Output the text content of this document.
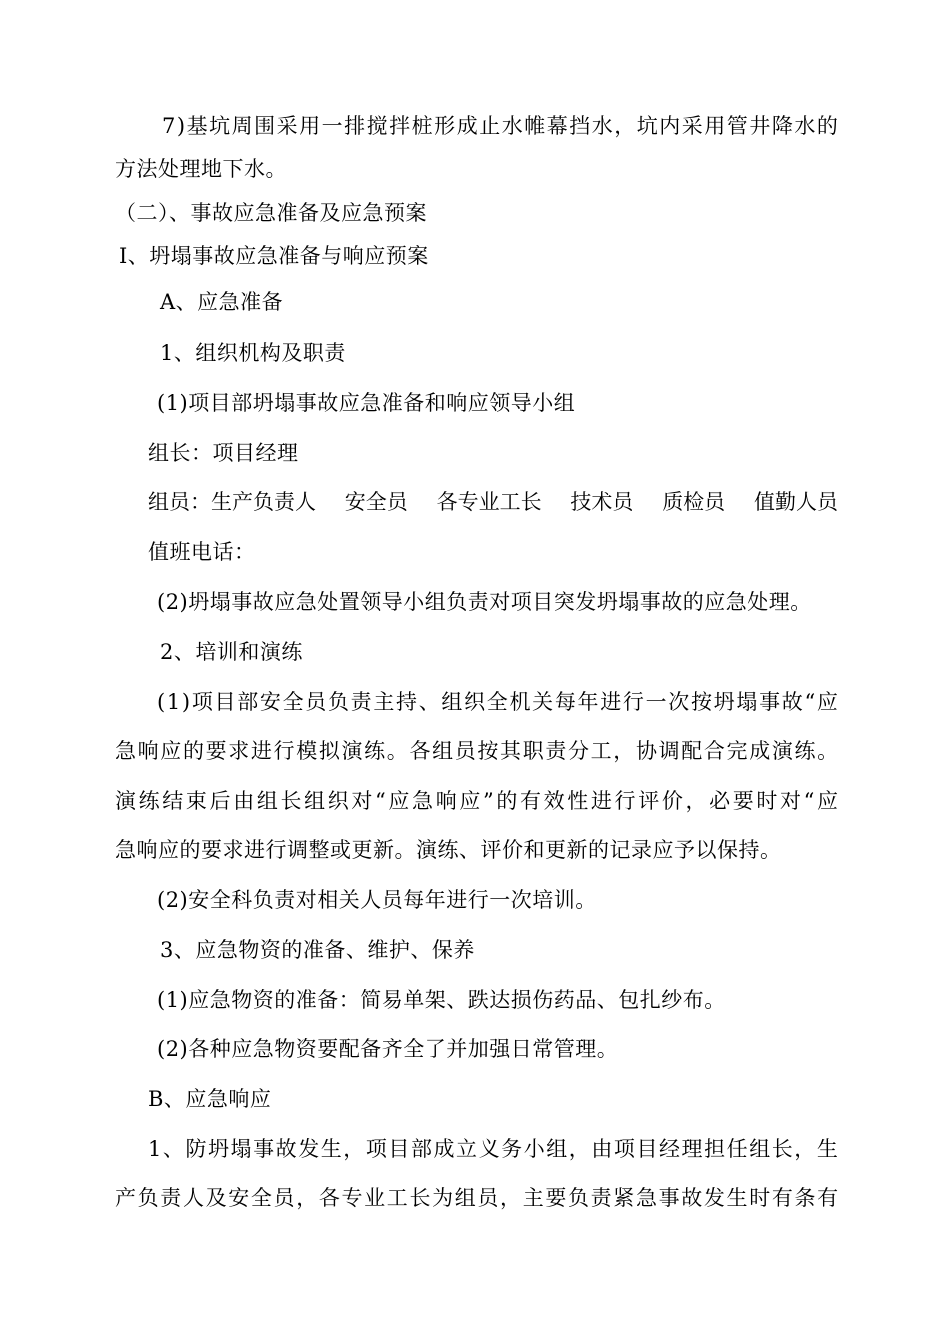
7)基坑周围采用一排搅拌桩形成止水帷幕挡水，坑内采用管井降水的
方法处理地下水。
（二）、事故应急准备及应急预案
Ⅰ、坍塌事故应急准备与响应预案
A、应急准备
1、组织机构及职责
(1)项目部坍塌事故应急准备和响应领导小组
组长：项目经理
组员：生产负责人 安全员 各专业工长 技术员 质检员 值勤人员
值班电话：
(2)坍塌事故应急处置领导小组负责对项目突发坍塌事故的应急处理。
2、培训和演练
(1)项目部安全员负责主持、组织全机关每年进行一次按坍塌事故“应
急响应的要求进行模拟演练。各组员按其职责分工，协调配合完成演练。
演练结束后由组长组织对“应急响应”的有效性进行评价，必要时对“应
急响应的要求进行调整或更新。演练、评价和更新的记录应予以保持。
(2)安全科负责对相关人员每年进行一次培训。
3、应急物资的准备、维护、保养
(1)应急物资的准备：简易单架、跌达损伤药品、包扎纱布。
(2)各种应急物资要配备齐全了并加强日常管理。
B、应急响应
1、防坍塌事故发生，项目部成立义务小组，由项目经理担任组长，生
产负责人及安全员，各专业工长为组员，主要负责紧急事故发生时有条有
